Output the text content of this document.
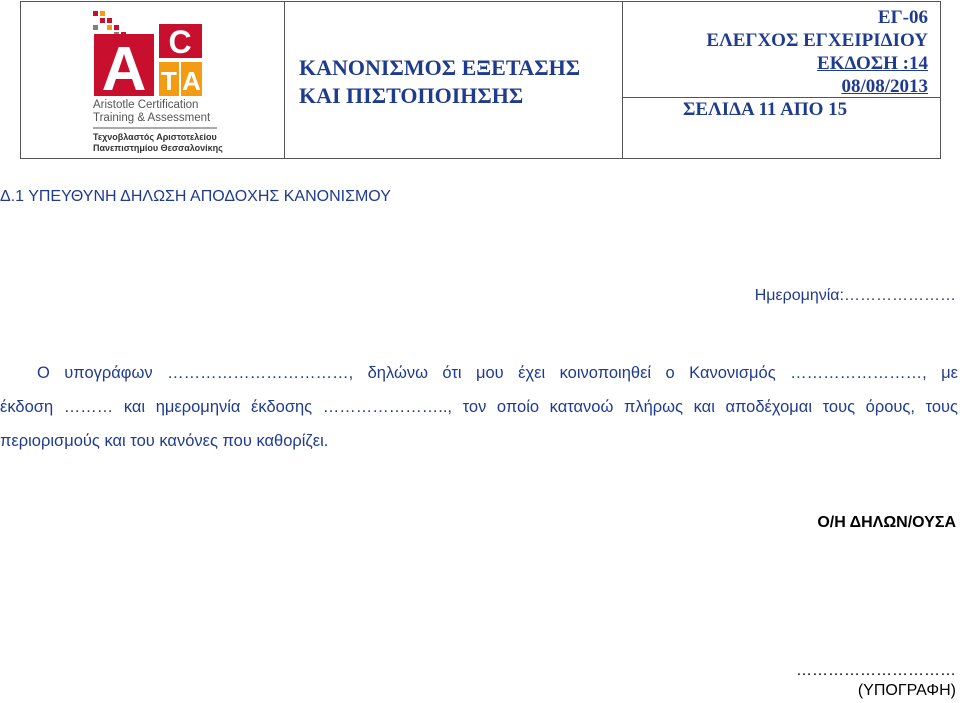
A C
T A
Aristotle Certification
Training & Assessment
Τεχνοβλαστός Αριστοτελείου
Πανεπιστημίου Θεσσαλονίκης
ΚΑΝΟΝΙΣΜΟΣ ΕΞΕΤΑΣΗΣ
ΚΑΙ ΠΙΣΤΟΠΟΙΗΣΗΣ
ΕΓ-06
ΕΛΕΓΧΟΣ ΕΓΧΕΙΡΙΔΙΟΥ
ΕΚΔΟΣΗ :14
08/08/2013
ΣΕΛΙΔΑ 11 ΑΠΟ 15
Δ.1 ΥΠΕΥΘΥΝΗ ΔΗΛΩΣΗ ΑΠΟΔΟΧΗΣ ΚΑΝΟΝΙΣΜΟΥ
Ημερομηνία:…………………
Ο υπογράφων ……………………………, δηλώνω ότι μου έχει κοινοποιηθεί ο Κανονισμός ……………………, με
έκδοση ……… και ημερομηνία έκδοσης ………………….., τον οποίο κατανοώ πλήρως και αποδέχομαι τους όρους, τους
περιορισμούς και του κανόνες που καθορίζει.
Ο/Η ΔΗΛΩΝ/ΟΥΣΑ
…………………………
(ΥΠΟΓΡΑΦΗ)
